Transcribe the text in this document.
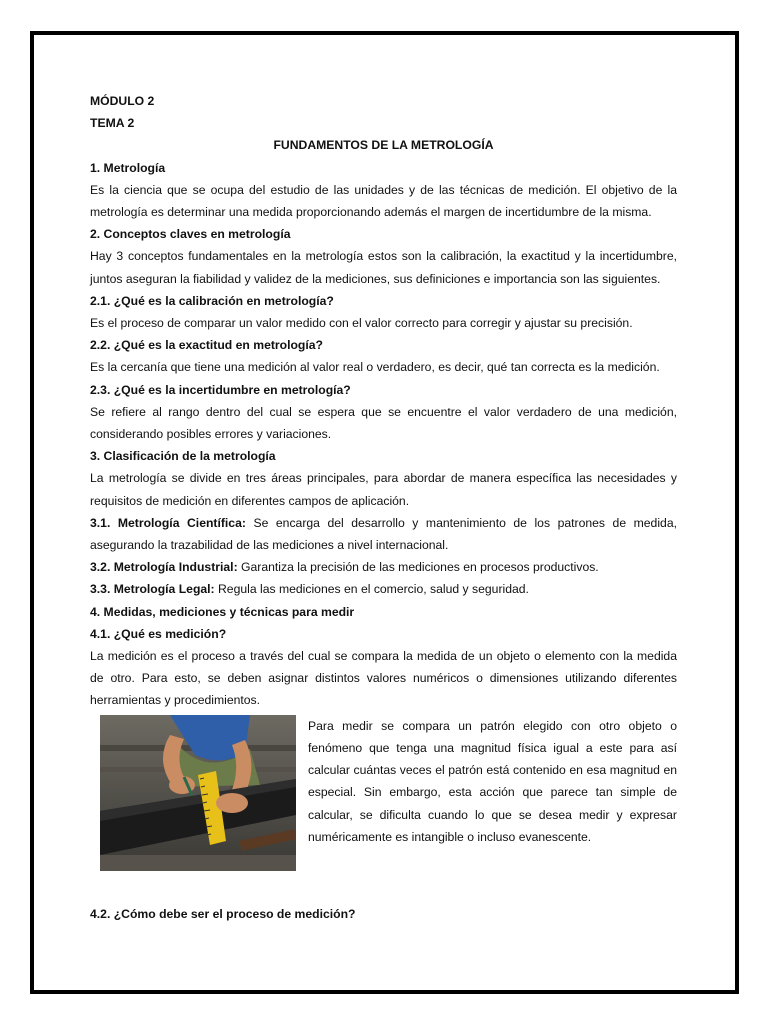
MÓDULO 2

TEMA 2

FUNDAMENTOS DE LA METROLOGÍA

1. Metrología

Es la ciencia que se ocupa del estudio de las unidades y de las técnicas de medición. El objetivo de la metrología es determinar una medida proporcionando además el margen de incertidumbre de la misma.

2. Conceptos claves en metrología

Hay 3 conceptos fundamentales en la metrología estos son la calibración, la exactitud y la incertidumbre, juntos aseguran la fiabilidad y validez de la mediciones, sus definiciones e importancia son las siguientes.

2.1. ¿Qué es la calibración en metrología?

Es el proceso de comparar un valor medido con el valor correcto para corregir y ajustar su precisión.

2.2. ¿Qué es la exactitud en metrología?

Es la cercanía que tiene una medición al valor real o verdadero, es decir, qué tan correcta es la medición.

2.3. ¿Qué es la incertidumbre en metrología?

Se refiere al rango dentro del cual se espera que se encuentre el valor verdadero de una medición, considerando posibles errores y variaciones.

3. Clasificación de la metrología

La metrología se divide en tres áreas principales, para abordar de manera específica las necesidades y requisitos de medición en diferentes campos de aplicación.

3.1. Metrología Científica: Se encarga del desarrollo y mantenimiento de los patrones de medida, asegurando la trazabilidad de las mediciones a nivel internacional.

3.2. Metrología Industrial: Garantiza la precisión de las mediciones en procesos productivos.

3.3. Metrología Legal: Regula las mediciones en el comercio, salud y seguridad.

4. Medidas, mediciones y técnicas para medir

4.1. ¿Qué es medición?

La medición es el proceso a través del cual se compara la medida de un objeto o elemento con la medida de otro. Para esto, se deben asignar distintos valores numéricos o dimensiones utilizando diferentes herramientas y procedimientos.

Para medir se compara un patrón elegido con otro objeto o fenómeno que tenga una magnitud física igual a este para así calcular cuántas veces el patrón está contenido en esa magnitud en especial. Sin embargo, esta acción que parece tan simple de calcular, se dificulta cuando lo que se desea medir y expresar numéricamente es intangible o incluso evanescente.

4.2. ¿Cómo debe ser el proceso de medición?
